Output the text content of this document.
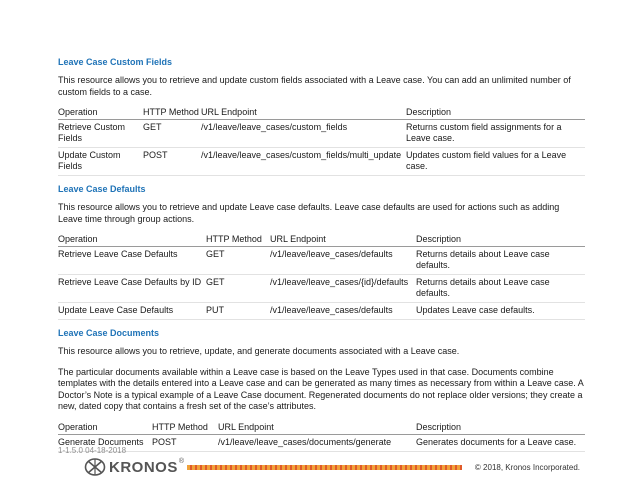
Leave Case Custom Fields
This resource allows you to retrieve and update custom fields associated with a Leave case. You can add an unlimited number of custom fields to a case.
Operation	HTTP Method	URL Endpoint	Description
Retrieve Custom Fields	GET	/v1/leave/leave_cases/custom_fields	Returns custom field assignments for a Leave case.
Update Custom Fields	POST	/v1/leave/leave_cases/custom_fields/multi_update	Updates custom field values for a Leave case.
Leave Case Defaults
This resource allows you to retrieve and update Leave case defaults. Leave case defaults are used for actions such as adding Leave time through group actions.
Operation	HTTP Method	URL Endpoint	Description
Retrieve Leave Case Defaults	GET	/v1/leave/leave_cases/defaults	Returns details about Leave case defaults.
Retrieve Leave Case Defaults by ID	GET	/v1/leave/leave_cases/{id}/defaults	Returns details about Leave case defaults.
Update Leave Case Defaults	PUT	/v1/leave/leave_cases/defaults	Updates Leave case defaults.
Leave Case Documents
This resource allows you to retrieve, update, and generate documents associated with a Leave case.
The particular documents available within a Leave case is based on the Leave Types used in that case. Documents combine templates with the details entered into a Leave case and can be generated as many times as necessary from within a Leave case. A Doctor’s Note is a typical example of a Leave Case document. Regenerated documents do not replace older versions; they create a new, dated copy that contains a fresh set of the case’s attributes.
Operation	HTTP Method	URL Endpoint	Description
Generate Documents	POST	/v1/leave/leave_cases/documents/generate	Generates documents for a Leave case.
1-1.5.0 04-18-2018
KRONOS ®
© 2018, Kronos Incorporated.
